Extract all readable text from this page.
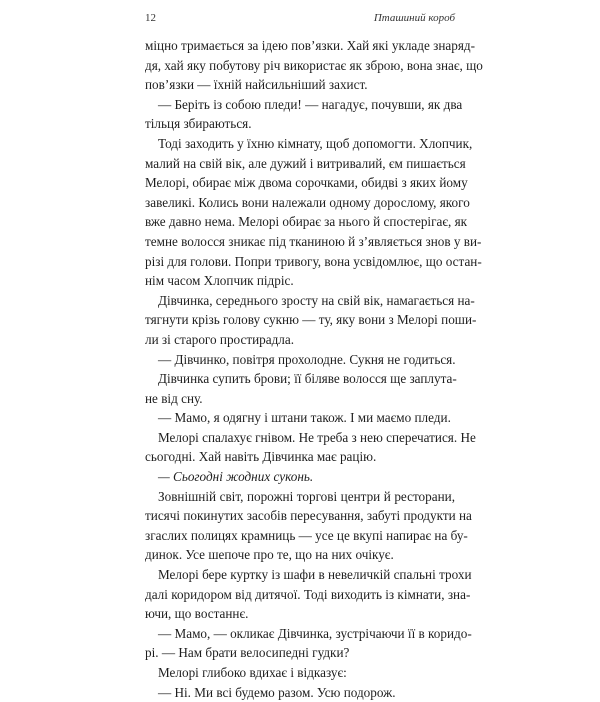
12	Пташиний короб
міцно тримається за ідею пов’язки. Хай які укладе знаряд-
дя, хай яку побутову річ використає як зброю, вона знає, що
пов’язки — їхній найсильніший захист.
— Беріть із собою пледи! — нагадує, почувши, як два
тільця збираються.
Тоді заходить у їхню кімнату, щоб допомогти. Хлопчик,
малий на свій вік, але дужий і витривалий, єм пишається
Мелорі, обирає між двома сорочками, обидві з яких йому
завеликі. Колись вони належали одному дорослому, якого
вже давно нема. Мелорі обирає за нього й спостерігає, як
темне волосся зникає під тканиною й з’являється знов у ви-
різі для голови. Попри тривогу, вона усвідомлює, що остан-
нім часом Хлопчик підріс.
Дівчинка, середнього зросту на свій вік, намагається на-
тягнути крізь голову сукню — ту, яку вони з Мелорі поши-
ли зі старого простирадла.
— Дівчинко, повітря прохолодне. Сукня не годиться.
Дівчинка супить брови; її біляве волосся ще заплута-
не від сну.
— Мамо, я одягну і штани також. І ми маємо пледи.
Мелорі спалахує гнівом. Не треба з нею сперечатися. Не
сьогодні. Хай навіть Дівчинка має рацію.
— Сьогодні жодних суконь.
Зовнішній світ, порожні торгові центри й ресторани,
тисячі покинутих засобів пересування, забуті продукти на
згаслих полицях крамниць — усе це вкупі напирає на бу-
динок. Усе шепоче про те, що на них очікує.
Мелорі бере куртку із шафи в невеличкій спальні трохи
далі коридором від дитячої. Тоді виходить із кімнати, зна-
ючи, що востаннє.
— Мамо, — окликає Дівчинка, зустрічаючи її в коридо-
рі. — Нам брати велосипедні гудки?
Мелорі глибоко вдихає і відказує:
— Ні. Ми всі будемо разом. Усю подорож.
